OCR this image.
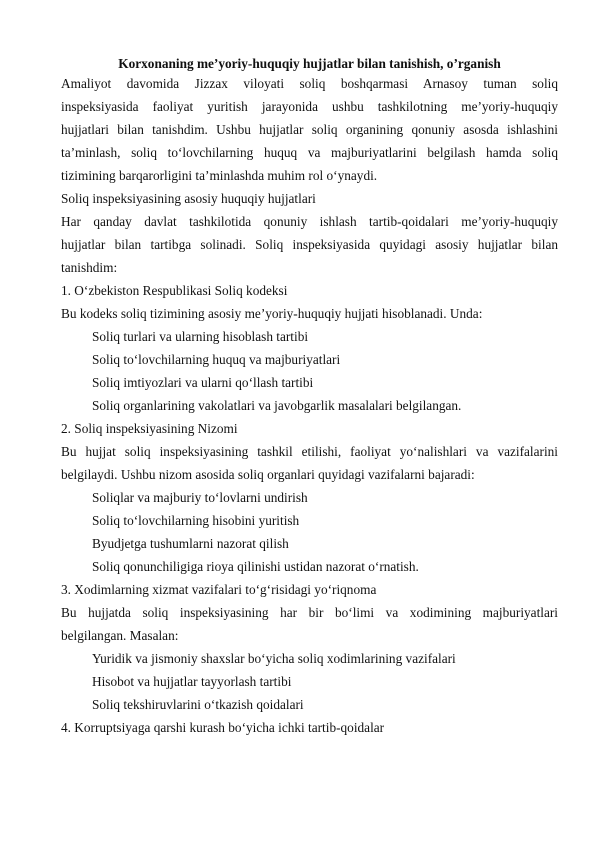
Korxonaning me’yoriy-huquqiy hujjatlar bilan tanishish, o’rganish
Amaliyot davomida Jizzax viloyati soliq boshqarmasi Arnasoy tuman soliq
inspeksiyasida faoliyat yuritish jarayonida ushbu tashkilotning me’yoriy-huquqiy
hujjatlari bilan tanishdim. Ushbu hujjatlar soliq organining qonuniy asosda ishlashini
ta’minlash, soliq to‘lovchilarning huquq va majburiyatlarini belgilash hamda soliq
tizimining barqarorligini ta’minlashda muhim rol o‘ynaydi.
Soliq inspeksiyasining asosiy huquqiy hujjatlari
Har qanday davlat tashkilotida qonuniy ishlash tartib-qoidalari me’yoriy-huquqiy
hujjatlar bilan tartibga solinadi. Soliq inspeksiyasida quyidagi asosiy hujjatlar bilan
tanishdim:
1. O‘zbekiston Respublikasi Soliq kodeksi
Bu kodeks soliq tizimining asosiy me’yoriy-huquqiy hujjati hisoblanadi. Unda:
Soliq turlari va ularning hisoblash tartibi
Soliq to‘lovchilarning huquq va majburiyatlari
Soliq imtiyozlari va ularni qo‘llash tartibi
Soliq organlarining vakolatlari va javobgarlik masalalari belgilangan.
2. Soliq inspeksiyasining Nizomi
Bu hujjat soliq inspeksiyasining tashkil etilishi, faoliyat yo‘nalishlari va vazifalarini
belgilaydi. Ushbu nizom asosida soliq organlari quyidagi vazifalarni bajaradi:
Soliqlar va majburiy to‘lovlarni undirish
Soliq to‘lovchilarning hisobini yuritish
Byudjetga tushumlarni nazorat qilish
Soliq qonunchiligiga rioya qilinishi ustidan nazorat o‘rnatish.
3. Xodimlarning xizmat vazifalari to‘g‘risidagi yo‘riqnoma
Bu hujjatda soliq inspeksiyasining har bir bo‘limi va xodimining majburiyatlari
belgilangan. Masalan:
Yuridik va jismoniy shaxslar bo‘yicha soliq xodimlarining vazifalari
Hisobot va hujjatlar tayyorlash tartibi
Soliq tekshiruvlarini o‘tkazish qoidalari
4. Korruptsiyaga qarshi kurash bo‘yicha ichki tartib-qoidalar
